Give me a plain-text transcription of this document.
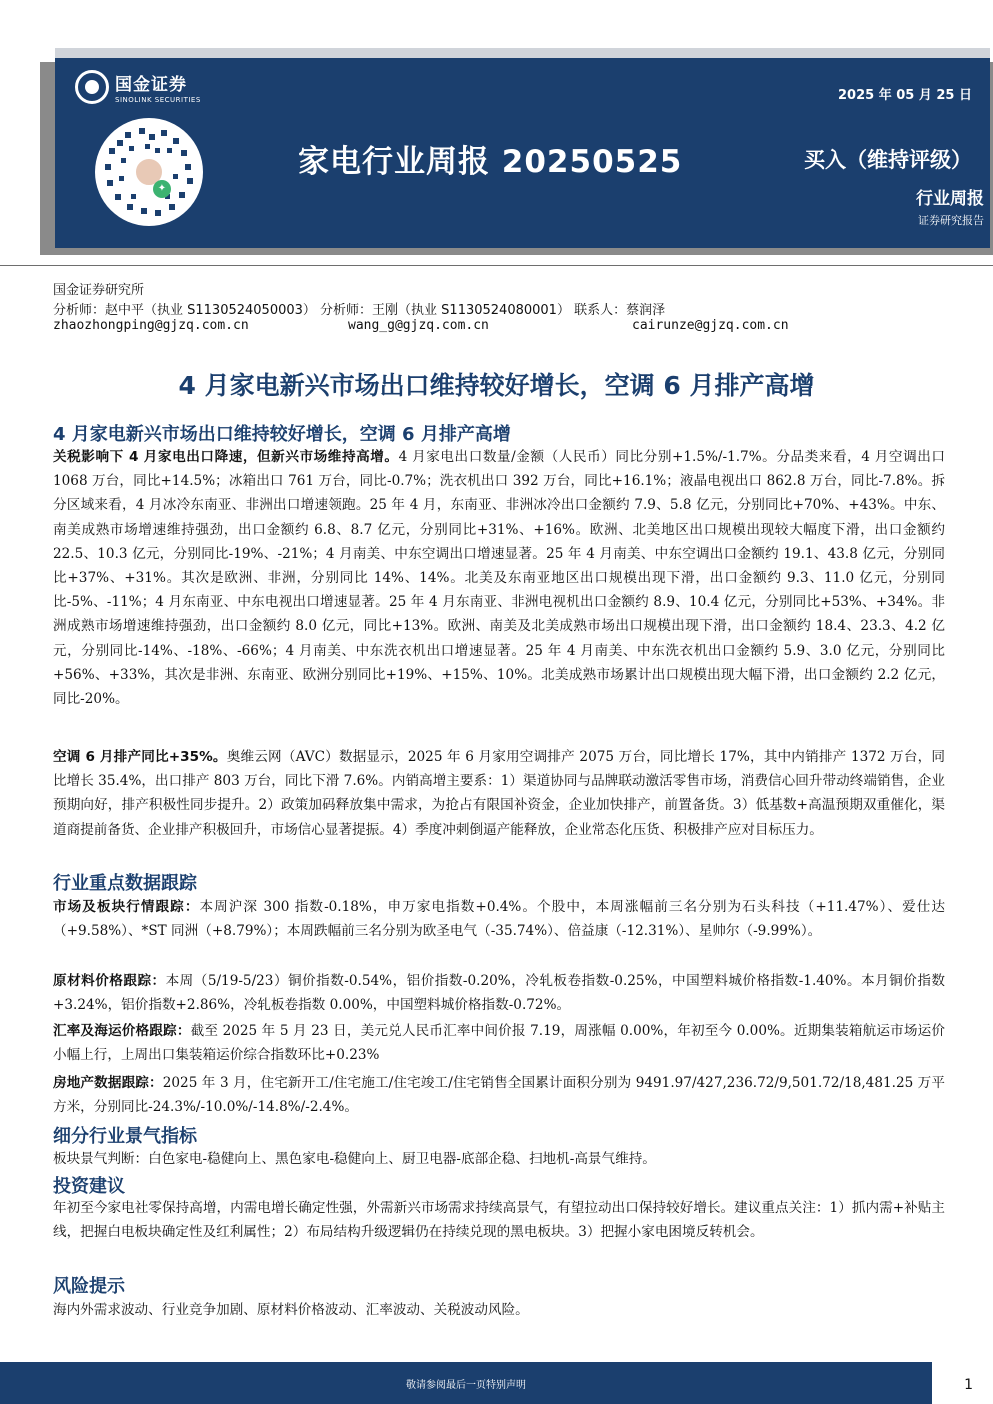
国金证券
SINOLINK SECURITIES
✦
2025 年 05 月 25 日
家电行业周报 20250525	买入（维持评级）
行业周报
证券研究报告
国金证券研究所
分析师：赵中平（执业 S1130524050003） 分析师：王刚（执业 S1130524080001） 联系人：蔡润泽
zhaozhongping@gjzq.com.cn	wang_g@gjzq.com.cn	cairunze@gjzq.com.cn
4 月家电新兴市场出口维持较好增长，空调 6 月排产高增
4 月家电新兴市场出口维持较好增长，空调 6 月排产高增
关税影响下 4 月家电出口降速，但新兴市场维持高增。4 月家电出口数量/金额（人民币）同比分别+1.5%/-1.7%。分品类来看，4 月空调出口 1068 万台，同比+14.5%；冰箱出口 761 万台，同比-0.7%；洗衣机出口 392 万台，同比+16.1%；液晶电视出口 862.8 万台，同比-7.8%。拆分区域来看，4 月冰冷东南亚、非洲出口增速领跑。25 年 4 月，东南亚、非洲冰冷出口金额约 7.9、5.8 亿元，分别同比+70%、+43%。中东、南美成熟市场增速维持强劲，出口金额约 6.8、8.7 亿元，分别同比+31%、+16%。欧洲、北美地区出口规模出现较大幅度下滑，出口金额约 22.5、10.3 亿元，分别同比-19%、-21%；4 月南美、中东空调出口增速显著。25 年 4 月南美、中东空调出口金额约 19.1、43.8 亿元，分别同比+37%、+31%。其次是欧洲、非洲，分别同比 14%、14%。北美及东南亚地区出口规模出现下滑，出口金额约 9.3、11.0 亿元，分别同比-5%、-11%；4 月东南亚、中东电视出口增速显著。25 年 4 月东南亚、非洲电视机出口金额约 8.9、10.4 亿元，分别同比+53%、+34%。非洲成熟市场增速维持强劲，出口金额约 8.0 亿元，同比+13%。欧洲、南美及北美成熟市场出口规模出现下滑，出口金额约 18.4、23.3、4.2 亿元，分别同比-14%、-18%、-66%；4 月南美、中东洗衣机出口增速显著。25 年 4 月南美、中东洗衣机出口金额约 5.9、3.0 亿元，分别同比+56%、+33%，其次是非洲、东南亚、欧洲分别同比+19%、+15%、10%。北美成熟市场累计出口规模出现大幅下滑，出口金额约 2.2 亿元，同比-20%。
空调 6 月排产同比+35%。奥维云网（AVC）数据显示，2025 年 6 月家用空调排产 2075 万台，同比增长 17%，其中内销排产 1372 万台，同比增长 35.4%，出口排产 803 万台，同比下滑 7.6%。内销高增主要系：1）渠道协同与品牌联动激活零售市场，消费信心回升带动终端销售，企业预期向好，排产积极性同步提升。2）政策加码释放集中需求，为抢占有限国补资金，企业加快排产，前置备货。3）低基数+高温预期双重催化，渠道商提前备货、企业排产积极回升，市场信心显著提振。4）季度冲刺倒逼产能释放，企业常态化压货、积极排产应对目标压力。
行业重点数据跟踪
市场及板块行情跟踪：本周沪深 300 指数-0.18%，申万家电指数+0.4%。个股中，本周涨幅前三名分别为石头科技（+11.47%）、爱仕达（+9.58%）、*ST 同洲（+8.79%）；本周跌幅前三名分别为欧圣电气（-35.74%）、倍益康（-12.31%）、星帅尔（-9.99%）。
原材料价格跟踪：本周（5/19-5/23）铜价指数-0.54%，铝价指数-0.20%，冷轧板卷指数-0.25%，中国塑料城价格指数-1.40%。本月铜价指数+3.24%，铝价指数+2.86%，冷轧板卷指数 0.00%，中国塑料城价格指数-0.72%。
汇率及海运价格跟踪：截至 2025 年 5 月 23 日，美元兑人民币汇率中间价报 7.19，周涨幅 0.00%，年初至今 0.00%。近期集装箱航运市场运价小幅上行，上周出口集装箱运价综合指数环比+0.23%
房地产数据跟踪：2025 年 3 月，住宅新开工/住宅施工/住宅竣工/住宅销售全国累计面积分别为 9491.97/427,236.72/9,501.72/18,481.25 万平方米，分别同比-24.3%/-10.0%/-14.8%/-2.4%。
细分行业景气指标
板块景气判断：白色家电-稳健向上、黑色家电-稳健向上、厨卫电器-底部企稳、扫地机-高景气维持。
投资建议
年初至今家电社零保持高增，内需电增长确定性强，外需新兴市场需求持续高景气，有望拉动出口保持较好增长。建议重点关注：1）抓内需+补贴主线，把握白电板块确定性及红利属性；2）布局结构升级逻辑仍在持续兑现的黑电板块。3）把握小家电困境反转机会。
风险提示
海内外需求波动、行业竞争加剧、原材料价格波动、汇率波动、关税波动风险。
敬请参阅最后一页特别声明	1
